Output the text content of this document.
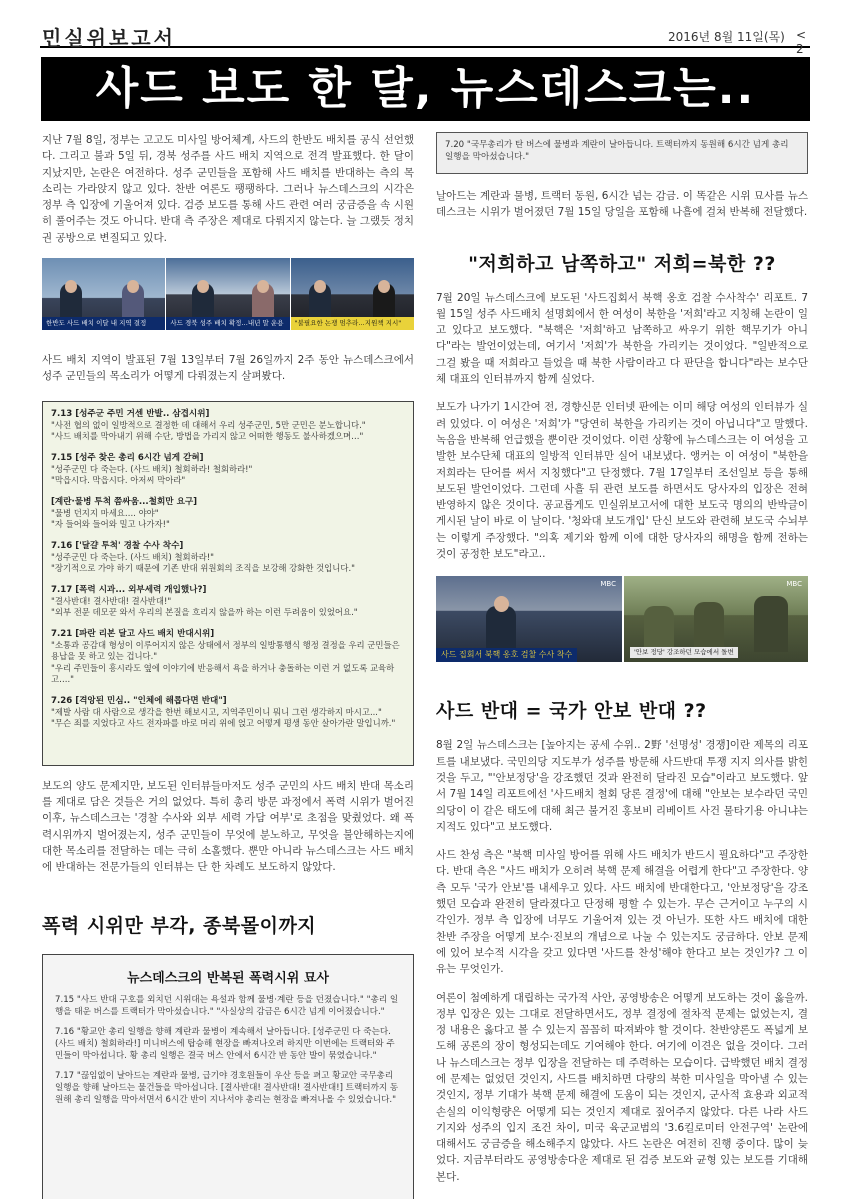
민실위보고서	2016년 8월 11일(목) < 2
사드 보도 한 달, 뉴스데스크는..

지난 7월 8일, 정부는 고고도 미사일 방어체계, 사드의 한반도 배치를 공식 선언했다. 그리고 불과 5일 뒤, 경북 성주를 사드 배치 지역으로 전격 발표했다. 한 달이 지났지만, 논란은 여전하다. 성주 군민들을 포함해 사드 배치를 반대하는 측의 목소리는 가라앉지 않고 있다. 찬반 여론도 팽팽하다. 그러나 뉴스데스크의 시각은 정부 측 입장에 기울어져 있다. 검증 보도를 통해 사드 관련 여러 궁금증을 속 시원히 풀어주는 것도 아니다. 반대 측 주장은 제대로 다뤄지지 않는다. 늘 그랬듯 정치권 공방으로 변질되고 있다.

한반도 사드 배치 이달 내 지역 결정	사드 경북 성주 배치 확정…내년 말 운용	"불필요한 논쟁 멈추라…지원책 지시"

사드 배치 지역이 발표된 7월 13일부터 7월 26일까지 2주 동안 뉴스데스크에서 성주 군민들의 목소리가 어떻게 다뤄졌는지 살펴봤다.

7.13 [성주군 주민 거센 반발.. 삼겹시위]
"사전 협의 없이 일방적으로 결정한 데 대해서 우리 성주군민, 5만 군민은 분노합니다."
"사드 배치를 막아내기 위해 수단, 방법을 가리지 않고 어떠한 행동도 불사하겠으며…"
7.15 [성주 찾은 총리 6시간 넘게 갇혀]
"성주군민 다 죽는다. (사드 배치) 철회하라! 철회하라!"
"막읍시다. 막읍시다. 아저씨 막아라"
[계란·물병 투척 쯤싸움...철회만 요구]
"물병 던지지 마세요…. 야야"
"자 들어와 들어와 밀고 나가자!"
7.16 ['달걀 투척' 경찰 수사 착수]
"성주군민 다 죽는다. (사드 배치) 철회하라!"
"장기적으로 가야 하기 때문에 기존 반대 위원회의 조직을 보강해 강화한 것입니다."
7.17 [폭력 시과... 외부세력 개입했나?]
"결사반대! 결사반대! 결사반대!"
"외부 전문 데모꾼 와서 우리의 본질을 흐리지 않을까 하는 이런 두려움이 있었어요."
7.21 [파란 리본 달고 사드 배치 반대시위]
"소통과 공감대 형성이 이루어지지 않은 상태에서 정부의 일방통행식 행정 결정을 우리 군민들은 용납을 못 하고 있는 겁니다."
"우리 주민들이 흥시라도 옆에 이야기에 반응해서 욕을 하거나 충돌하는 이런 거 없도록 교육하고…."
7.26 [격앙된 민심.. "인체에 해롭다면 반대"]
"제발 사람 대 사람으로 생각을 한번 해보시고, 지역주민이니 뭐니 그런 생각하지 마시고..."
"무슨 죄를 지었다고 사드 전자파를 바로 머리 위에 얹고 어떻게 평생 동안 살아가란 말입니까."

보도의 양도 문제지만, 보도된 인터뷰들마저도 성주 군민의 사드 배치 반대 목소리를 제대로 담은 것들은 거의 없었다. 특히 총리 방문 과정에서 폭력 시위가 벌어진 이후, 뉴스데스크는 '경찰 수사와 외부 세력 가담 여부'로 초점을 맞췄었다. 왜 폭력시위까지 벌어졌는지, 성주 군민들이 무엇에 분노하고, 무엇을 불안해하는지에 대한 목소리를 전달하는 데는 극히 소홀했다. 뿐만 아니라 뉴스데스크는 사드 배치에 반대하는 전문가들의 인터뷰는 단 한 차례도 보도하지 않았다.

폭력 시위만 부각, 종북몰이까지
뉴스데스크의 반복된 폭력시위 묘사
7.15 "사드 반대 구호를 외치던 시위대는 욕설과 함께 물병·계란 등을 던졌습니다." "총리 일행을 태운 버스를 트랙터가 막아섰습니다." "사실상의 감금은 6시간 넘게 이어졌습니다."
7.16 "황교안 총리 일행을 향해 계란과 물병이 계속해서 날아듭니다. [성주군민 다 죽는다. (사드 배치) 철회하라!] 미니버스에 탑승해 현장을 빠져나오려 하지만 이번에는 트랙터와 주민들이 막아섭니다. 황 총리 일행은 결국 버스 안에서 6시간 반 동안 발이 묶였습니다."
7.17 "끊임없이 날아드는 계란과 물병, 급기야 경호원들이 우산 등을 펴고 황교안 국무총리 일행을 향해 날아드는 물건들을 막아섭니다. [결사반대! 결사반대! 결사반대!] 트랙터까지 동원해 총리 일행을 막아서면서 6시간 반이 지나서야 총리는 현장을 빠져나올 수 있었습니다."
7.20 "국무총리가 탄 버스에 물병과 계란이 날아듭니다. 트랙터까지 동원해 6시간 넘게 총리 일행을 막아섰습니다."

날아드는 계란과 물병, 트랙터 동원, 6시간 넘는 감금. 이 똑같은 시위 묘사를 뉴스데스크는 시위가 벌어졌던 7월 15일 당일을 포함해 나흘에 걸쳐 반복해 전달했다.

"저희하고 남쪽하고" 저희=북한 ??

7월 20일 뉴스데스크에 보도된 '사드집회서 북핵 옹호 검찰 수사착수' 리포트. 7월 15일 성주 사드배치 설명회에서 한 여성이 북한을 '저희'라고 지칭해 논란이 일고 있다고 보도했다. "북핵은 '저희'하고 남쪽하고 싸우기 위한 핵무기가 아니다"라는 발언이었는데, 여기서 '저희'가 북한을 가리키는 것이었다. "일반적으로 그걸 봤을 때 저희라고 들었을 때 북한 사람이라고 다 판단을 합니다"라는 보수단체 대표의 인터뷰까지 함께 실었다.

보도가 나가기 1시간여 전, 경향신문 인터넷 판에는 이미 해당 여성의 인터뷰가 실려 있었다. 이 여성은 '저희'가 "당연히 북한을 가리키는 것이 아닙니다"고 말했다. 녹음을 반복해 언급했을 뿐이란 것이었다. 이런 상황에 뉴스데스크는 이 여성을 고발한 보수단체 대표의 일방적 인터뷰만 실어 내보냈다. 앵커는 이 여성이 "북한을 저희라는 단어를 써서 지칭했다"고 단정했다. 7월 17일부터 조선일보 등을 통해 보도된 발언이었다. 그런데 사흘 뒤 관련 보도를 하면서도 당사자의 입장은 전혀 반영하지 않은 것이다. 공교롭게도 민실위보고서에 대한 보도국 명의의 반박글이 게시된 날이 바로 이 날이다. '청와대 보도개입' 단신 보도와 관련해 보도국 수뇌부는 이렇게 주장했다. "의혹 제기와 함께 이에 대한 당사자의 해명을 함께 전하는 것이 공정한 보도"라고..

MBC
사드 집회서 북핵 옹호 검찰 수사 착수
MBC
'안보 정당' 강조하던 모습에서 돌변
사드 반대 = 국가 안보 반대 ??

8월 2일 뉴스데스크는 [높아지는 공세 수위.. 2野 '선명성' 경쟁]이란 제목의 리포트를 내보냈다. 국민의당 지도부가 성주를 방문해 사드반대 투쟁 지지 의사를 밝힌 것을 두고, "'안보정당'을 강조했던 것과 완전히 달라진 모습"이라고 보도했다. 앞서 7월 14일 리포트에선 '사드배치 철회 당론 결정'에 대해 "안보는 보수라던 국민의당이 이 같은 태도에 대해 최근 불거진 홍보비 리베이트 사건 물타기용 아니냐는 지적도 있다"고 보도했다.

사드 찬성 측은 "북핵 미사일 방어를 위해 사드 배치가 반드시 필요하다"고 주장한다. 반대 측은 "사드 배치가 오히려 북핵 문제 해결을 어렵게 한다"고 주장한다. 양측 모두 '국가 안보'를 내세우고 있다. 사드 배치에 반대한다고, '안보정당'을 강조했던 모습과 완전히 달라졌다고 단정해 평할 수 있는가. 무슨 근거이고 누구의 시각인가. 정부 측 입장에 너무도 기울어져 있는 것 아닌가. 또한 사드 배치에 대한 찬반 주장을 어떻게 보수·진보의 개념으로 나눌 수 있는지도 궁금하다. 안보 문제에 있어 보수적 시각을 갖고 있다면 '사드를 찬성'해야 한다고 보는 것인가? 그 이유는 무엇인가.

여론이 첨예하게 대립하는 국가적 사안, 공영방송은 어떻게 보도하는 것이 옳을까. 정부 입장은 있는 그대로 전달하면서도, 정부 결정에 절차적 문제는 없었는지, 결정 내용은 옳다고 볼 수 있는지 꼼꼼히 따져봐야 할 것이다. 찬반양론도 폭넓게 보도해 공론의 장이 형성되는데도 기여해야 한다. 여기에 이견은 없을 것이다. 그러나 뉴스데스크는 정부 입장을 전달하는 데 주력하는 모습이다. 급박했던 배치 결정에 문제는 없었던 것인지, 사드를 배치하면 다량의 북한 미사일을 막아낼 수 있는 것인지, 정부 기대가 북핵 문제 해결에 도움이 되는 것인지, 군사적 효용과 외교적 손실의 이익형량은 어떻게 되는 것인지 제대로 짚어주지 않았다. 다른 나라 사드 기지와 성주의 입지 조건 차이, 미국 육군교범의 '3.6킬로미터 안전구역' 논란에 대해서도 궁금증을 해소해주지 않았다. 사드 논란은 여전히 진행 중이다. 많이 늦었다. 지금부터라도 공영방송다운 제대로 된 검증 보도와 균형 있는 보도를 기대해본다.
